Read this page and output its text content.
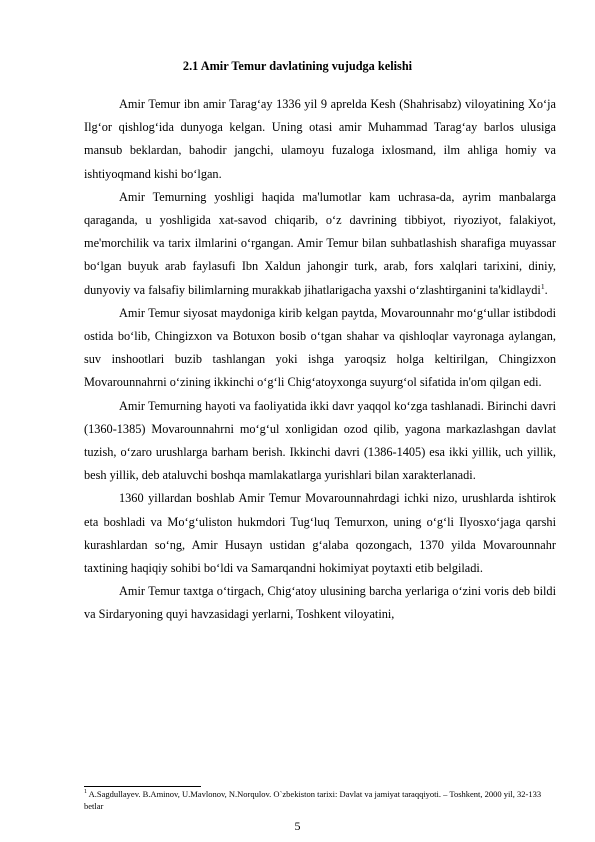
2.1 Amir Temur davlatining vujudga kelishi

Amir Temur ibn amir Tarag‘ay 1336 yil 9 aprelda Kesh (Shahrisabz) viloyatining Xo‘ja Ilg‘or qishlog‘ida dunyoga kelgan. Uning otasi amir Muhammad Tarag‘ay barlos ulusiga mansub beklardan, bahodir jangchi, ulamoyu fuzaloga ixlosmand, ilm ahliga homiy va ishtiyoqmand kishi bo‘lgan.

Amir Temurning yoshligi haqida ma'lumotlar kam uchrasa-da, ayrim manbalarga qaraganda, u yoshligida xat-savod chiqarib, o‘z davrining tibbiyot, riyoziyot, falakiyot, me'morchilik va tarix ilmlarini o‘rgangan. Amir Temur bilan suhbatlashish sharafiga muyassar bo‘lgan buyuk arab faylasufi Ibn Xaldun jahongir turk, arab, fors xalqlari tarixini, diniy, dunyoviy va falsafiy bilimlarning murakkab jihatlarigacha yaxshi o‘zlashtirganini ta'kidlaydi$^1$.

Amir Temur siyosat maydoniga kirib kelgan paytda, Movarounnahr mo‘g‘ullar istibdodi ostida bo‘lib, Chingizxon va Botuxon bosib o‘tgan shahar va qishloqlar vayronaga aylangan, suv inshootlari buzib tashlangan yoki ishga yaroqsiz holga keltirilgan, Chingizxon Movarounnahrni o‘zining ikkinchi o‘g‘li Chig‘atoyxonga suyurg‘ol sifatida in'om qilgan edi.

Amir Temurning hayoti va faoliyatida ikki davr yaqqol ko‘zga tashlanadi. Birinchi davri (1360-1385) Movarounnahrni mo‘g‘ul xonligidan ozod qilib, yagona markazlashgan davlat tuzish, o‘zaro urushlarga barham berish. Ikkinchi davri (1386-1405) esa ikki yillik, uch yillik, besh yillik, deb ataluvchi boshqa mamlakatlarga yurishlari bilan xarakterlanadi.

1360 yillardan boshlab Amir Temur Movarounnahrdagi ichki nizo, urushlarda ishtirok eta boshladi va Mo‘g‘uliston hukmdori Tug‘luq Temurxon, uning o‘g‘li Ilyosxo‘jaga qarshi kurashlardan so‘ng, Amir Husayn ustidan g‘alaba qozongach, 1370 yilda Movarounnahr taxtining haqiqiy sohibi bo‘ldi va Samarqandni hokimiyat poytaxti etib belgiladi.

Amir Temur taxtga o‘tirgach, Chig‘atoy ulusining barcha yerlariga o‘zini voris deb bildi va Sirdaryoning quyi havzasidagi yerlarni, Toshkent viloyatini,

$^1$ A.Sagdullayev. B.Aminov, U.Mavlonov, N.Norqulov. O`zbekiston tarixi: Davlat va jamiyat taraqqiyoti. – Toshkent, 2000 yil, 32-133 betlar
5
